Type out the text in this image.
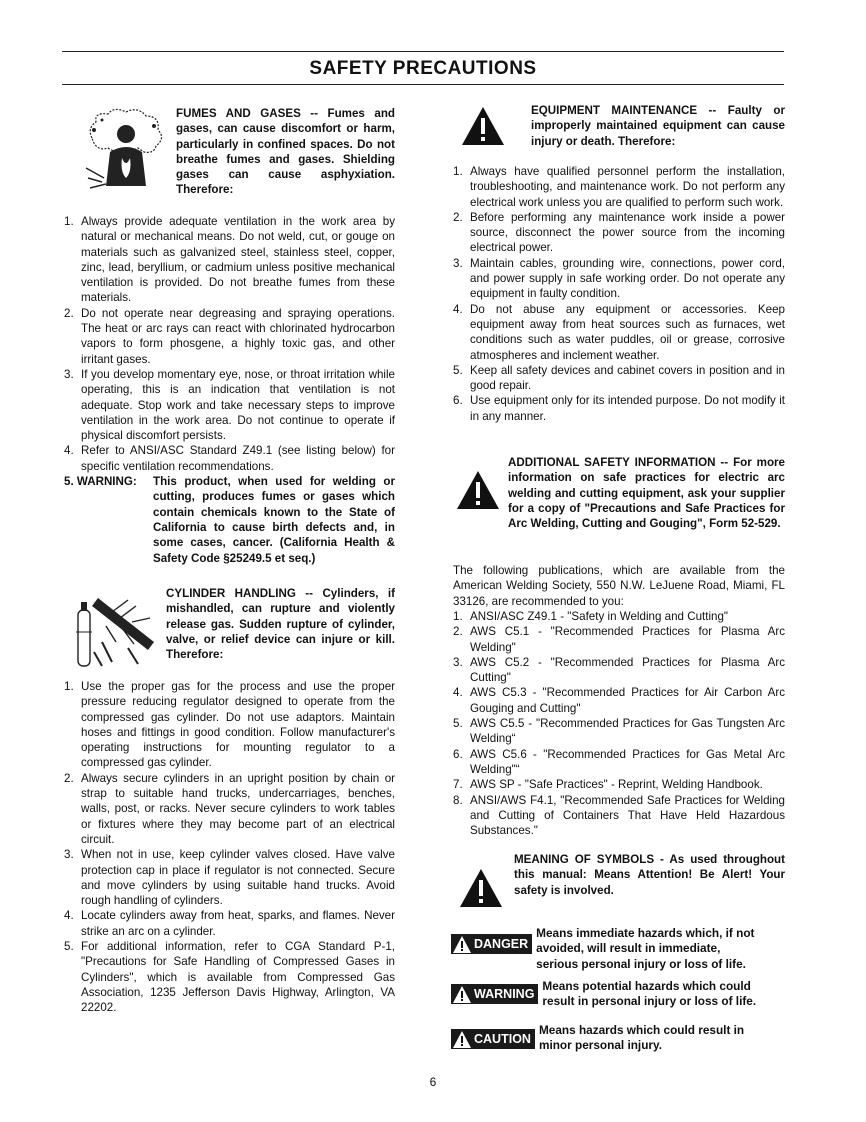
SAFETY PRECAUTIONS
FUMES AND GASES -- Fumes and gases, can cause discomfort or harm, particularly in confined spaces. Do not breathe fumes and gases. Shielding gases can cause asphyxiation. Therefore:
1. Always provide adequate ventilation in the work area by natural or mechanical means. Do not weld, cut, or gouge on materials such as galvanized steel, stainless steel, copper, zinc, lead, beryllium, or cadmium unless positive mechanical ventilation is provided. Do not breathe fumes from these materials.
2. Do not operate near degreasing and spraying operations. The heat or arc rays can react with chlorinated hydrocarbon vapors to form phosgene, a highly toxic gas, and other irritant gases.
3. If you develop momentary eye, nose, or throat irritation while operating, this is an indication that ventilation is not adequate. Stop work and take necessary steps to improve ventilation in the work area. Do not continue to operate if physical discomfort persists.
4. Refer to ANSI/ASC Standard Z49.1 (see listing below) for specific ventilation recommendations.
5. WARNING:	This product, when used for welding or cutting, produces fumes or gases which contain chemicals known to the State of California to cause birth defects and, in some cases, cancer. (California Health & Safety Code §25249.5 et seq.)
CYLINDER HANDLING -- Cylinders, if mishandled, can rupture and violently release gas. Sudden rupture of cylinder, valve, or relief device can injure or kill. Therefore:
1. Use the proper gas for the process and use the proper pressure reducing regulator designed to operate from the compressed gas cylinder. Do not use adaptors. Maintain hoses and fittings in good condition. Follow manufacturer's operating instructions for mounting regulator to a compressed gas cylinder.
2. Always secure cylinders in an upright position by chain or strap to suitable hand trucks, undercarriages, benches, walls, post, or racks. Never secure cylinders to work tables or fixtures where they may become part of an electrical circuit.
3. When not in use, keep cylinder valves closed. Have valve protection cap in place if regulator is not connected. Secure and move cylinders by using suitable hand trucks. Avoid rough handling of cylinders.
4. Locate cylinders away from heat, sparks, and flames. Never strike an arc on a cylinder.
5. For additional information, refer to CGA Standard P-1, "Precautions for Safe Handling of Compressed Gases in Cylinders", which is available from Compressed Gas Association, 1235 Jefferson Davis Highway, Arlington, VA 22202.
EQUIPMENT MAINTENANCE -- Faulty or improperly maintained equipment can cause injury or death. Therefore:
1. Always have qualified personnel perform the installation, troubleshooting, and maintenance work. Do not perform any electrical work unless you are qualified to perform such work.
2. Before performing any maintenance work inside a power source, disconnect the power source from the incoming electrical power.
3. Maintain cables, grounding wire, connections, power cord, and power supply in safe working order. Do not operate any equipment in faulty condition.
4. Do not abuse any equipment or accessories. Keep equipment away from heat sources such as furnaces, wet conditions such as water puddles, oil or grease, corrosive atmospheres and inclement weather.
5. Keep all safety devices and cabinet covers in position and in good repair.
6. Use equipment only for its intended purpose. Do not modify it in any manner.
ADDITIONAL SAFETY INFORMATION -- For more information on safe practices for electric arc welding and cutting equipment, ask your supplier for a copy of "Precautions and Safe Practices for Arc Welding, Cutting and Gouging", Form 52-529.
The following publications, which are available from the American Welding Society, 550 N.W. LeJuene Road, Miami, FL 33126, are recommended to you:
1. ANSI/ASC Z49.1 - "Safety in Welding and Cutting"
2. AWS C5.1 - "Recommended Practices for Plasma Arc Welding"
3. AWS C5.2 - "Recommended Practices for Plasma Arc Cutting"
4. AWS C5.3 - "Recommended Practices for Air Carbon Arc Gouging and Cutting"
5. AWS C5.5 - "Recommended Practices for Gas Tungsten Arc Welding“
6. AWS C5.6 - "Recommended Practices for Gas Metal Arc Welding"“
7. AWS SP - "Safe Practices" - Reprint, Welding Handbook.
8. ANSI/AWS F4.1, "Recommended Safe Practices for Welding and Cutting of Containers That Have Held Hazardous Substances."
MEANING OF SYMBOLS - As used throughout this manual: Means Attention! Be Alert! Your safety is involved.
DANGER
Means immediate hazards which, if not avoided, will result in immediate, serious personal injury or loss of life.
WARNING
Means potential hazards which could result in personal injury or loss of life.
CAUTION
Means hazards which could result in minor personal injury.
6
